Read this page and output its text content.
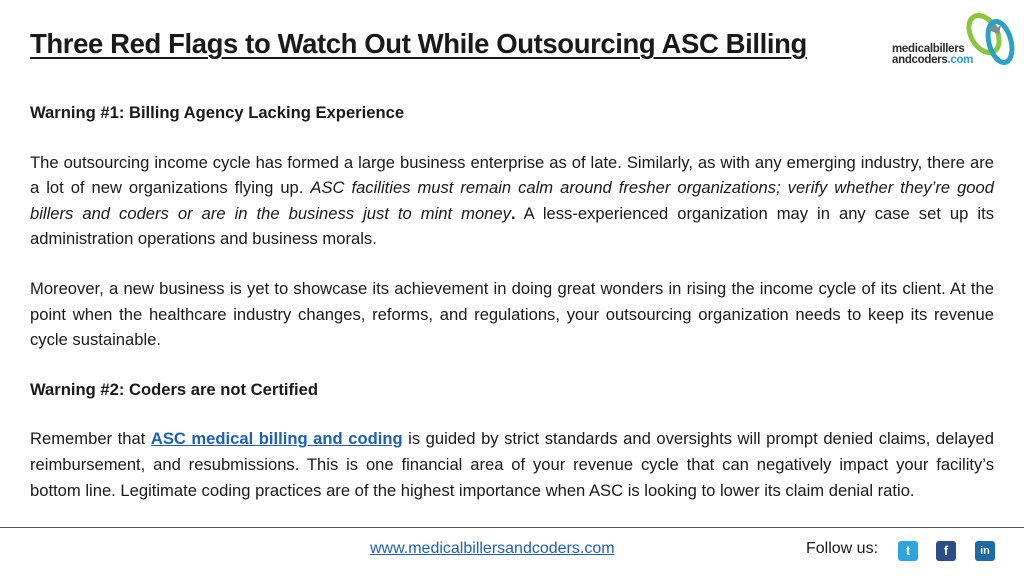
Three Red Flags to Watch Out While Outsourcing ASC Billing	medicalbillers
andcoders.com

Warning #1: Billing Agency Lacking Experience

The outsourcing income cycle has formed a large business enterprise as of late. Similarly, as with any emerging industry, there are a lot of new organizations flying up. ASC facilities must remain calm around fresher organizations; verify whether they’re good billers and coders or are in the business just to mint money. A less-experienced organization may in any case set up its administration operations and business morals.

Moreover, a new business is yet to showcase its achievement in doing great wonders in rising the income cycle of its client. At the point when the healthcare industry changes, reforms, and regulations, your outsourcing organization needs to keep its revenue cycle sustainable.

Warning #2: Coders are not Certified

Remember that ASC medical billing and coding is guided by strict standards and oversights will prompt denied claims, delayed reimbursement, and resubmissions. This is one financial area of your revenue cycle that can negatively impact your facility’s bottom line. Legitimate coding practices are of the highest importance when ASC is looking to lower its claim denial ratio.

www.medicalbillersandcoders.com	Follow us:	t	f	in
